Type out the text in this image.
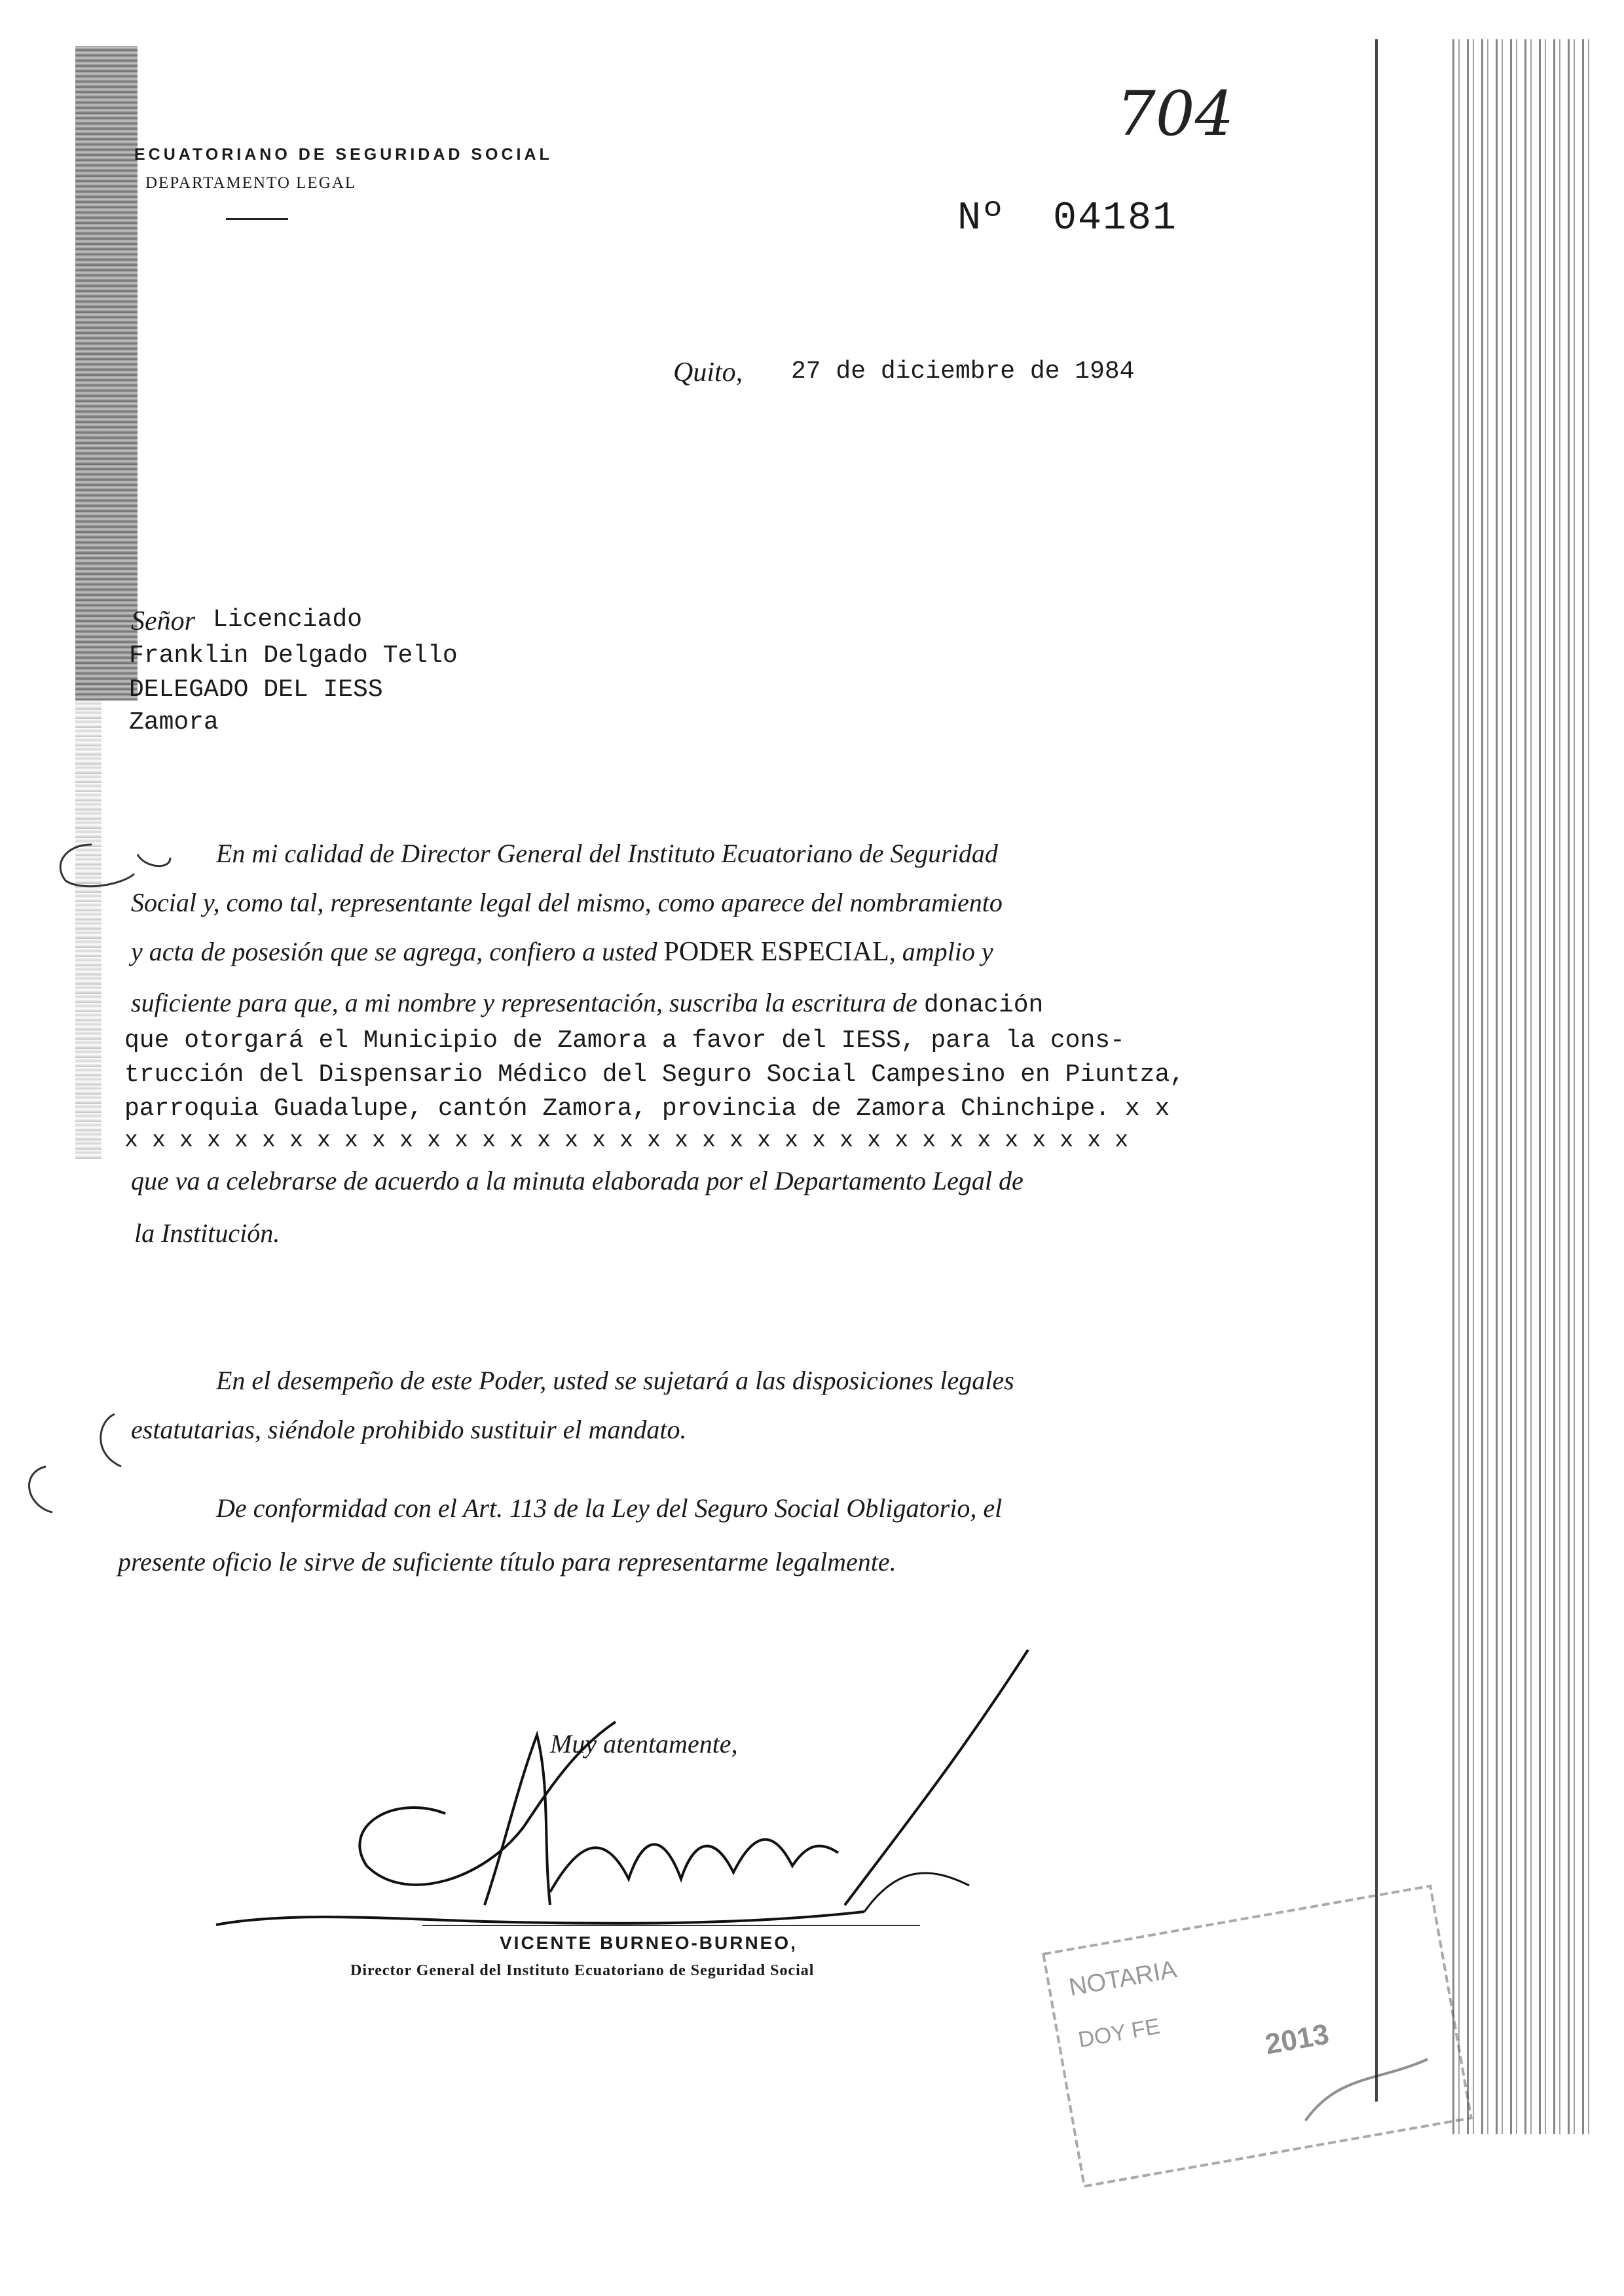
ECUATORIANO DE SEGURIDAD SOCIAL
DEPARTAMENTO LEGAL
704
Nº 04181
Quito, 27 de diciembre de 1984
Señor Licenciado
Franklin Delgado Tello
DELEGADO DEL IESS
Zamora
En mi calidad de Director General del Instituto Ecuatoriano de Seguridad
Social y, como tal, representante legal del mismo, como aparece del nombramiento
y acta de posesión que se agrega, confiero a usted PODER ESPECIAL, amplio y
suficiente para que, a mi nombre y representación, suscriba la escritura de donación
que otorgará el Municipio de Zamora a favor del IESS, para la cons-
trucción del Dispensario Médico del Seguro Social Campesino en Piuntza,
parroquia Guadalupe, cantón Zamora, provincia de Zamora Chinchipe. x x
x x x x x x x x x x x x x x x x x x x x x x x x x x x x x x x x x x x x x
que va a celebrarse de acuerdo a la minuta elaborada por el Departamento Legal de
la Institución.
En el desempeño de este Poder, usted se sujetará a las disposiciones legales
estatutarias, siéndole prohibido sustituir el mandato.
De conformidad con el Art. 113 de la Ley del Seguro Social Obligatorio, el
presente oficio le sirve de suficiente título para representarme legalmente.
Muy atentamente,
VICENTE BURNEO-BURNEO,
Director General del Instituto Ecuatoriano de Seguridad Social	NOTARIA
DOY FE	2013
